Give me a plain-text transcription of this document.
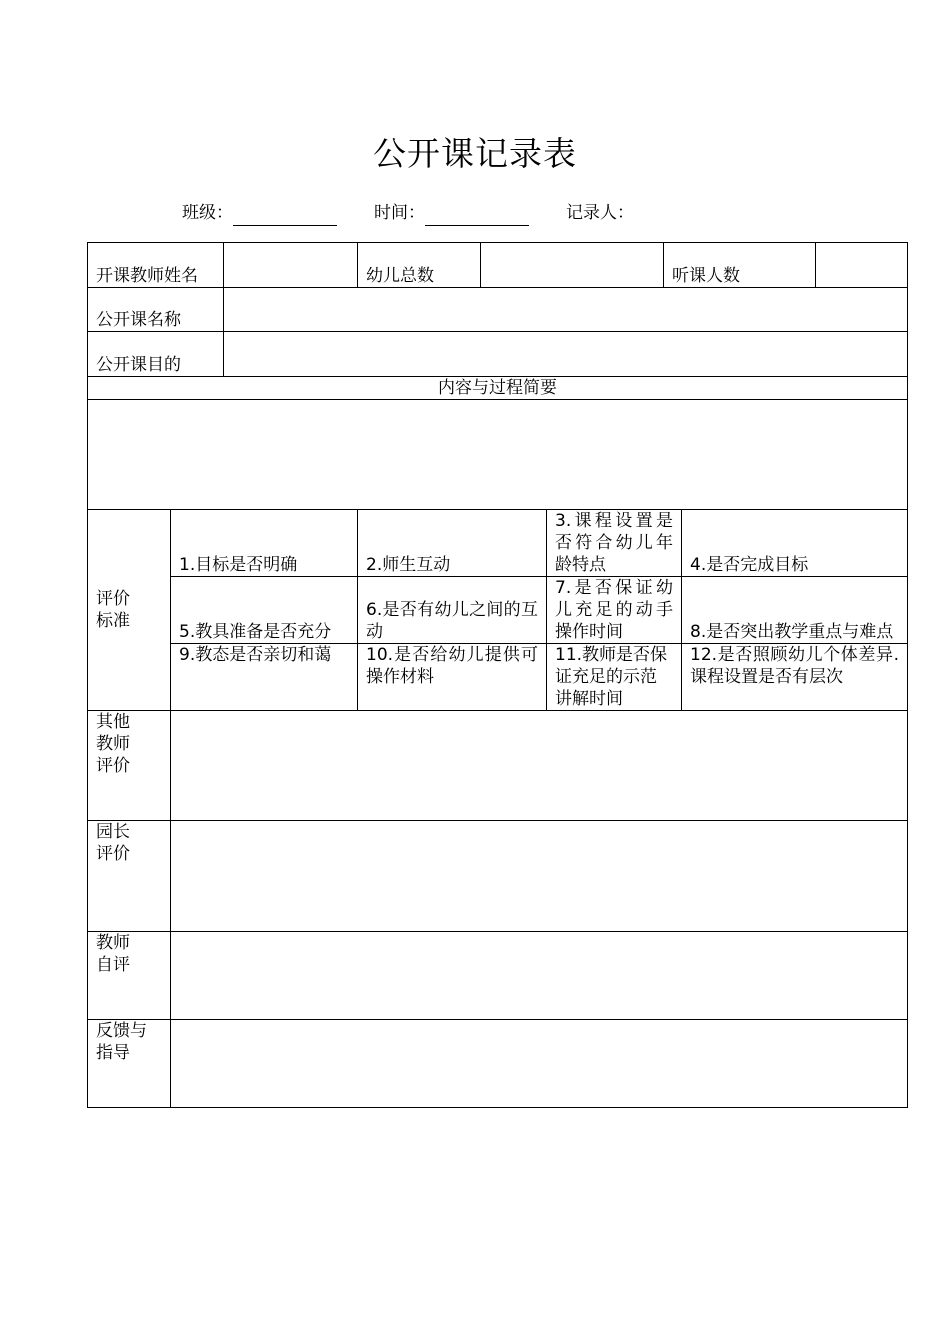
公开课记录表
班级：	时间：	记录人：
开课教师姓名			幼儿总数			听课人数		
公开课名称								
公开课目的								
内容与过程简要								

评价
标准	1.目标是否明确		2.师生互动		3.课程设置是否符合幼儿年龄特点		4.是否完成目标	
	5.教具准备是否充分		6.是否有幼儿之间的互动		7.是否保证幼儿充足的动手操作时间		8.是否突出教学重点与难点	
	9.教态是否亲切和蔼		10.是否给幼儿提供可操作材料		11.教师是否保证充足的示范讲解时间		12.是否照顾幼儿个体差异.课程设置是否有层次	

其他
教师
评价								

园长
评价								

教师
自评								

反馈与
指导								
